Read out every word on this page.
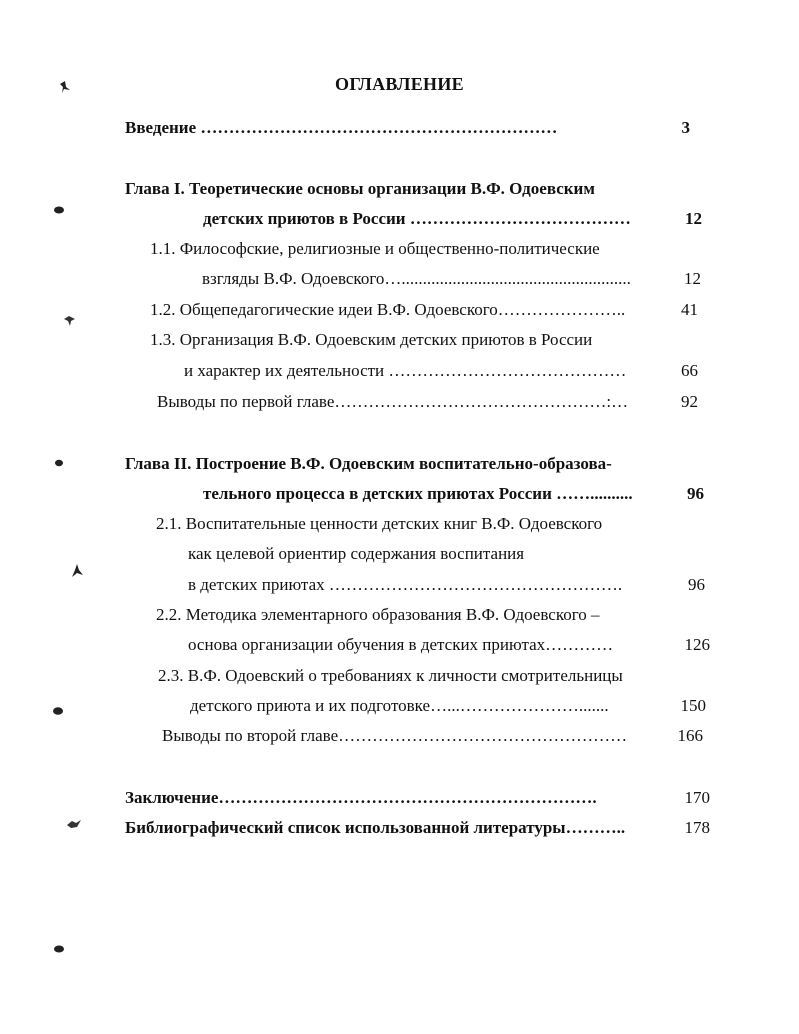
ОГЛАВЛЕНИЕ
Введение ………………………………………………………	3
Глава I. Теоретические основы организации В.Ф. Одоевским
детских приютов в России …………………………………	12
1.1. Философские, религиозные и общественно-политические
взгляды В.Ф. Одоевского…......................................................	12
1.2. Общепедагогические идеи В.Ф. Одоевского…………………..	41
1.3. Организация В.Ф. Одоевским детских приютов в России
и характер их деятельности ……………………………………	66
Выводы по первой главе…………………………………………:…	92
Глава II. Построение В.Ф. Одоевским воспитательно-образова-
тельного процесса в детских приютах России ……..........	96
2.1. Воспитательные ценности детских книг В.Ф. Одоевского
как целевой ориентир содержания воспитания
в детских приютах …………………………………………….	96
2.2. Методика элементарного образования В.Ф. Одоевского –
основа организации обучения в детских приютах…………	126
2.3. В.Ф. Одоевский о требованиях к личности смотрительницы
детского приюта и их подготовке…...………………….......	150
Выводы по второй главе……………………………………………	166
Заключение………………………………………………………….	170
Библиографический список использованной литературы………..	178
